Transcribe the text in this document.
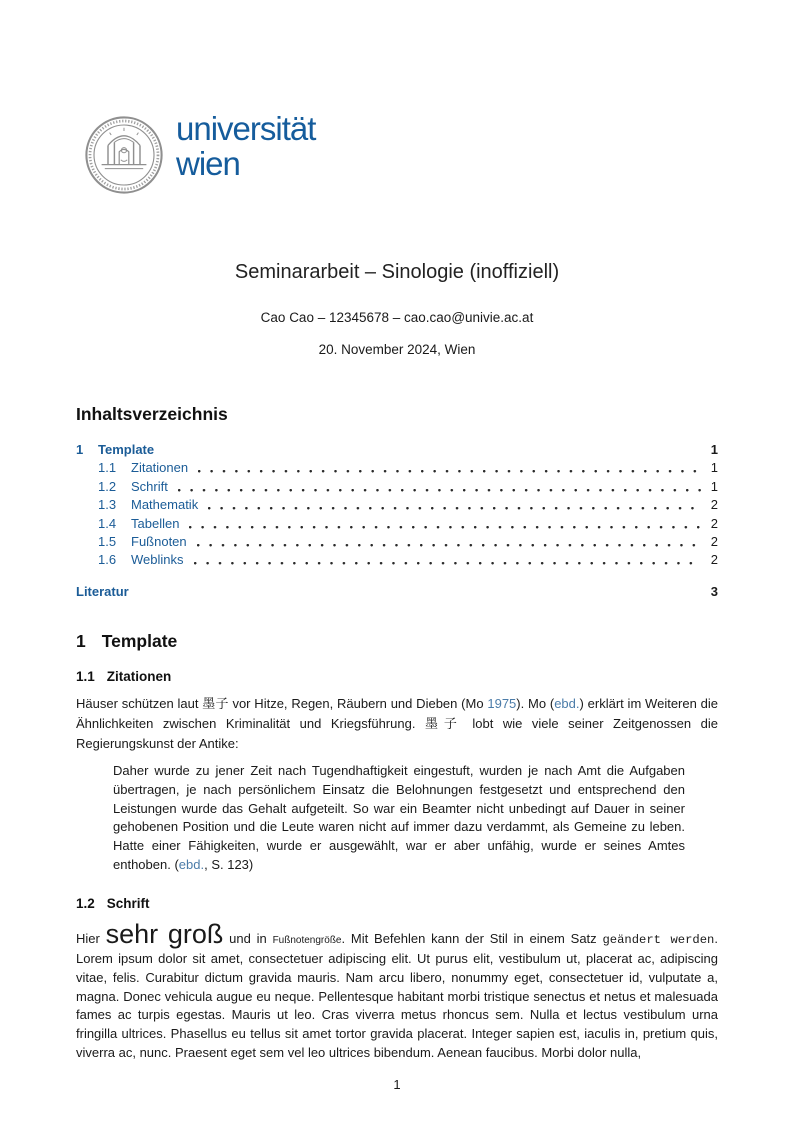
universität
wien
Seminararbeit – Sinologie (inoffiziell)
Cao Cao – 12345678 – cao.cao@univie.ac.at
20. November 2024, Wien
Inhaltsverzeichnis
1	Template	1
1.1	Zitationen	1
1.2	Schrift	1
1.3	Mathematik	2
1.4	Tabellen	2
1.5	Fußnoten	2
1.6	Weblinks	2
Literatur	3
1 Template
1.1 Zitationen
Häuser schützen laut 墨子 vor Hitze, Regen, Räubern und Dieben (Mo 1975). Mo (ebd.) erklärt im Weiteren die Ähnlichkeiten zwischen Kriminalität und Kriegsführung. 墨子 lobt wie viele seiner Zeitgenossen die Regierungskunst der Antike:
Daher wurde zu jener Zeit nach Tugendhaftigkeit eingestuft, wurden je nach Amt die Aufgaben übertragen, je nach persönlichem Einsatz die Belohnungen festgesetzt und entsprechend den Leistungen wurde das Gehalt aufgeteilt. So war ein Beamter nicht unbedingt auf Dauer in seiner gehobenen Position und die Leute waren nicht auf immer dazu verdammt, als Gemeine zu leben. Hatte einer Fähigkeiten, wurde er ausgewählt, war er aber unfähig, wurde er seines Amtes enthoben. (ebd., S. 123)
1.2 Schrift
Hier sehr groß und in Fußnotengröße. Mit Befehlen kann der Stil in einem Satz geändert werden. Lorem ipsum dolor sit amet, consectetuer adipiscing elit. Ut purus elit, vestibulum ut, placerat ac, adipiscing vitae, felis. Curabitur dictum gravida mauris. Nam arcu libero, nonummy eget, consectetuer id, vulputate a, magna. Donec vehicula augue eu neque. Pellentesque habitant morbi tristique senectus et netus et malesuada fames ac turpis egestas. Mauris ut leo. Cras viverra metus rhoncus sem. Nulla et lectus vestibulum urna fringilla ultrices. Phasellus eu tellus sit amet tortor gravida placerat. Integer sapien est, iaculis in, pretium quis, viverra ac, nunc. Praesent eget sem vel leo ultrices bibendum. Aenean faucibus. Morbi dolor nulla,
1
